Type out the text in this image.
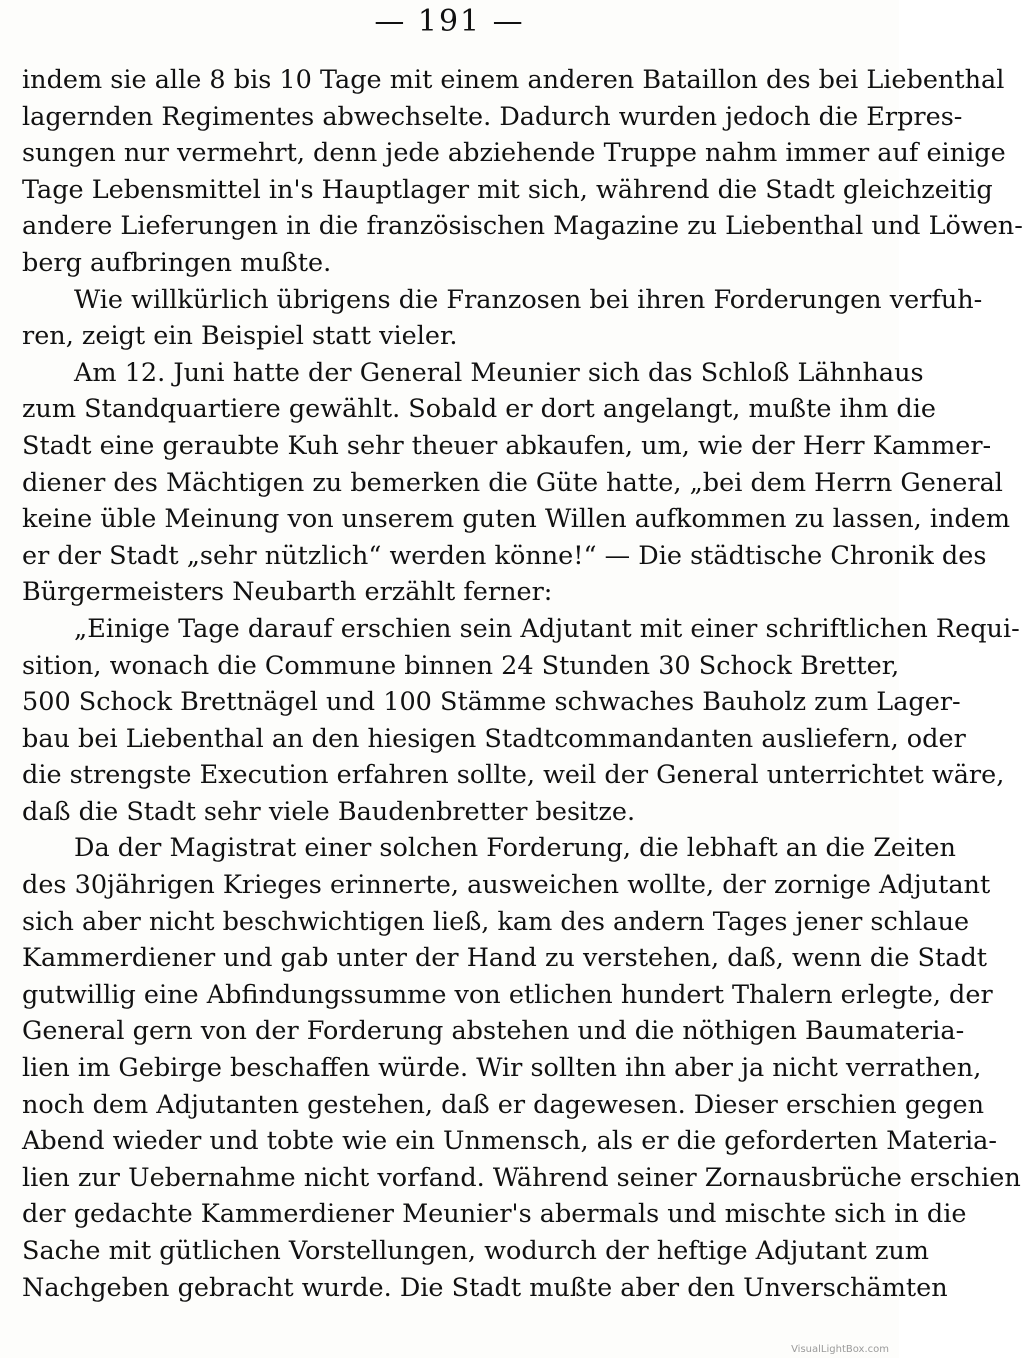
— 191 —
indem sie alle 8 bis 10 Tage mit einem anderen Bataillon des bei Liebenthal
lagernden Regimentes abwechselte. Dadurch wurden jedoch die Erpres-
sungen nur vermehrt, denn jede abziehende Truppe nahm immer auf einige
Tage Lebensmittel in's Hauptlager mit sich, während die Stadt gleichzeitig
andere Lieferungen in die französischen Magazine zu Liebenthal und Löwen-
berg aufbringen mußte.
Wie willkürlich übrigens die Franzosen bei ihren Forderungen verfuh-
ren, zeigt ein Beispiel statt vieler.
Am 12. Juni hatte der General Meunier sich das Schloß Lähnhaus
zum Standquartiere gewählt. Sobald er dort angelangt, mußte ihm die
Stadt eine geraubte Kuh sehr theuer abkaufen, um, wie der Herr Kammer-
diener des Mächtigen zu bemerken die Güte hatte, „bei dem Herrn General
keine üble Meinung von unserem guten Willen aufkommen zu lassen, indem
er der Stadt „sehr nützlich“ werden könne!“ — Die städtische Chronik des
Bürgermeisters Neubarth erzählt ferner:
„Einige Tage darauf erschien sein Adjutant mit einer schriftlichen Requi-
sition, wonach die Commune binnen 24 Stunden 30 Schock Bretter,
500 Schock Brettnägel und 100 Stämme schwaches Bauholz zum Lager-
bau bei Liebenthal an den hiesigen Stadtcommandanten ausliefern, oder
die strengste Execution erfahren sollte, weil der General unterrichtet wäre,
daß die Stadt sehr viele Baudenbretter besitze.
Da der Magistrat einer solchen Forderung, die lebhaft an die Zeiten
des 30jährigen Krieges erinnerte, ausweichen wollte, der zornige Adjutant
sich aber nicht beschwichtigen ließ, kam des andern Tages jener schlaue
Kammerdiener und gab unter der Hand zu verstehen, daß, wenn die Stadt
gutwillig eine Abfindungssumme von etlichen hundert Thalern erlegte, der
General gern von der Forderung abstehen und die nöthigen Baumateria-
lien im Gebirge beschaffen würde. Wir sollten ihn aber ja nicht verrathen,
noch dem Adjutanten gestehen, daß er dagewesen. Dieser erschien gegen
Abend wieder und tobte wie ein Unmensch, als er die geforderten Materia-
lien zur Uebernahme nicht vorfand. Während seiner Zornausbrüche erschien
der gedachte Kammerdiener Meunier's abermals und mischte sich in die
Sache mit gütlichen Vorstellungen, wodurch der heftige Adjutant zum
Nachgeben gebracht wurde. Die Stadt mußte aber den Unverschämten
VisualLightBox.com
